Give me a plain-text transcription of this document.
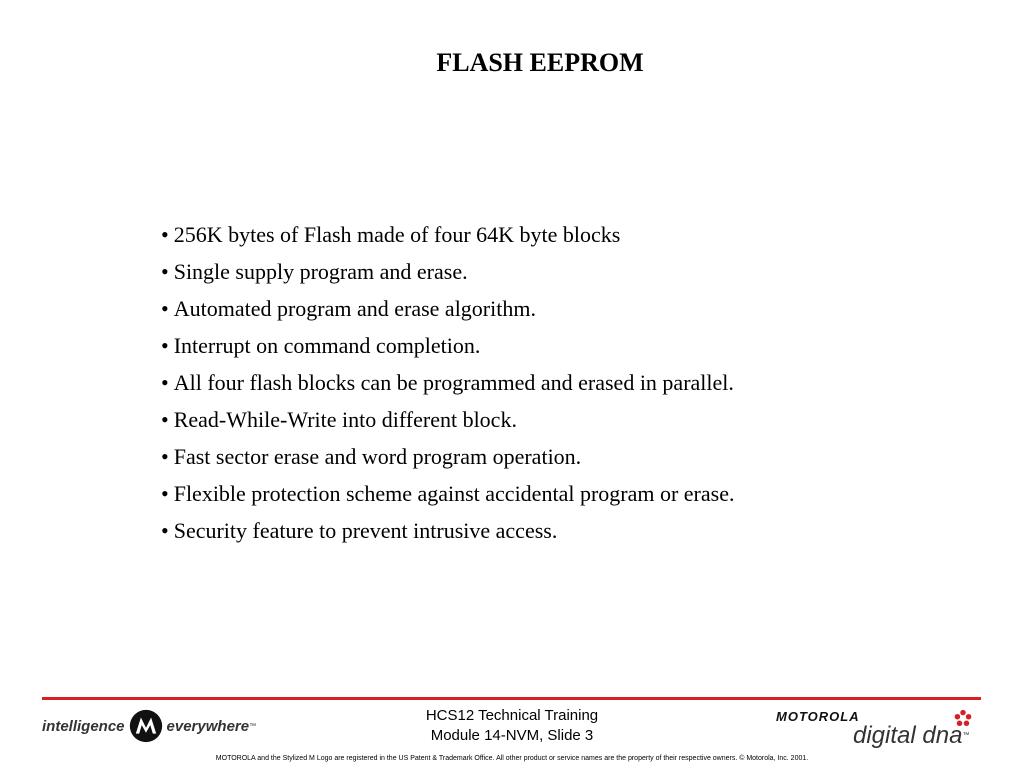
FLASH EEPROM
• 256K bytes of Flash made of four 64K byte blocks
• Single supply program and erase.
• Automated program and erase algorithm.
• Interrupt on command completion.
• All four flash blocks can be programmed and erased in parallel.
• Read-While-Write into different block.
• Fast sector erase and word program operation.
• Flexible protection scheme against accidental program or erase.
• Security feature to prevent intrusive access.
intelligence	everywhere ™
HCS12 Technical Training
Module 14-NVM, Slide 3
MOTOROLA
digital dna™
MOTOROLA and the Stylized M Logo are registered in the US Patent & Trademark Office. All other product or service names are the property of their respective owners. © Motorola, Inc. 2001.
